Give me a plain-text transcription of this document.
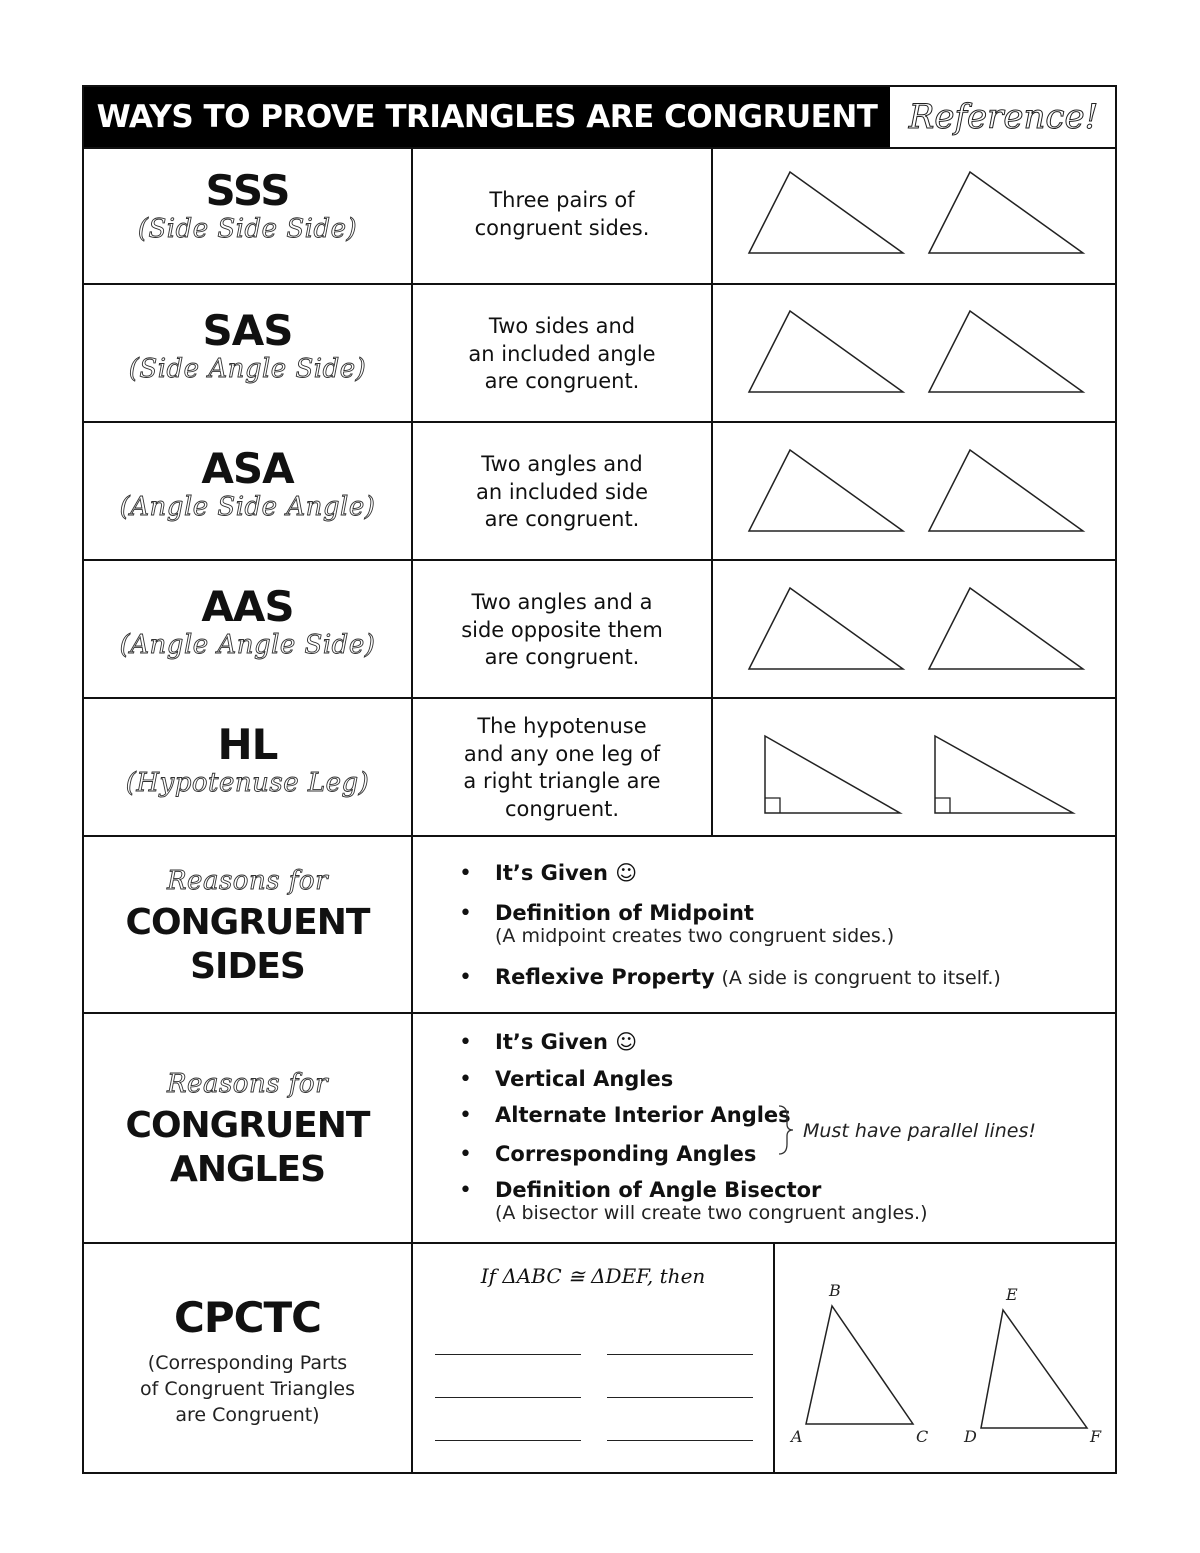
WAYS TO PROVE TRIANGLES ARE CONGRUENT Reference!
SSS
(Side Side Side)
Three pairs of
congruent sides.
SAS
(Side Angle Side)
Two sides and
an included angle
are congruent.
ASA
(Angle Side Angle)
Two angles and
an included side
are congruent.
AAS
(Angle Angle Side)
Two angles and a
side opposite them
are congruent.
HL
(Hypotenuse Leg)
The hypotenuse
and any one leg of
a right triangle are
congruent.
Reasons for
CONGRUENT
SIDES
• It’s Given ☺
• Definition of Midpoint
(A midpoint creates two congruent sides.)
• Reflexive Property (A side is congruent to itself.)
Reasons for
CONGRUENT
ANGLES
• It’s Given ☺
• Vertical Angles
• Alternate Interior Angles
• Corresponding Angles
• Definition of Angle Bisector
(A bisector will create two congruent angles.)
Must have parallel lines!
CPCTC
(Corresponding Parts
of Congruent Triangles
are Congruent)
If ΔABC ≅ ΔDEF, then
A
B
C D
E
F
